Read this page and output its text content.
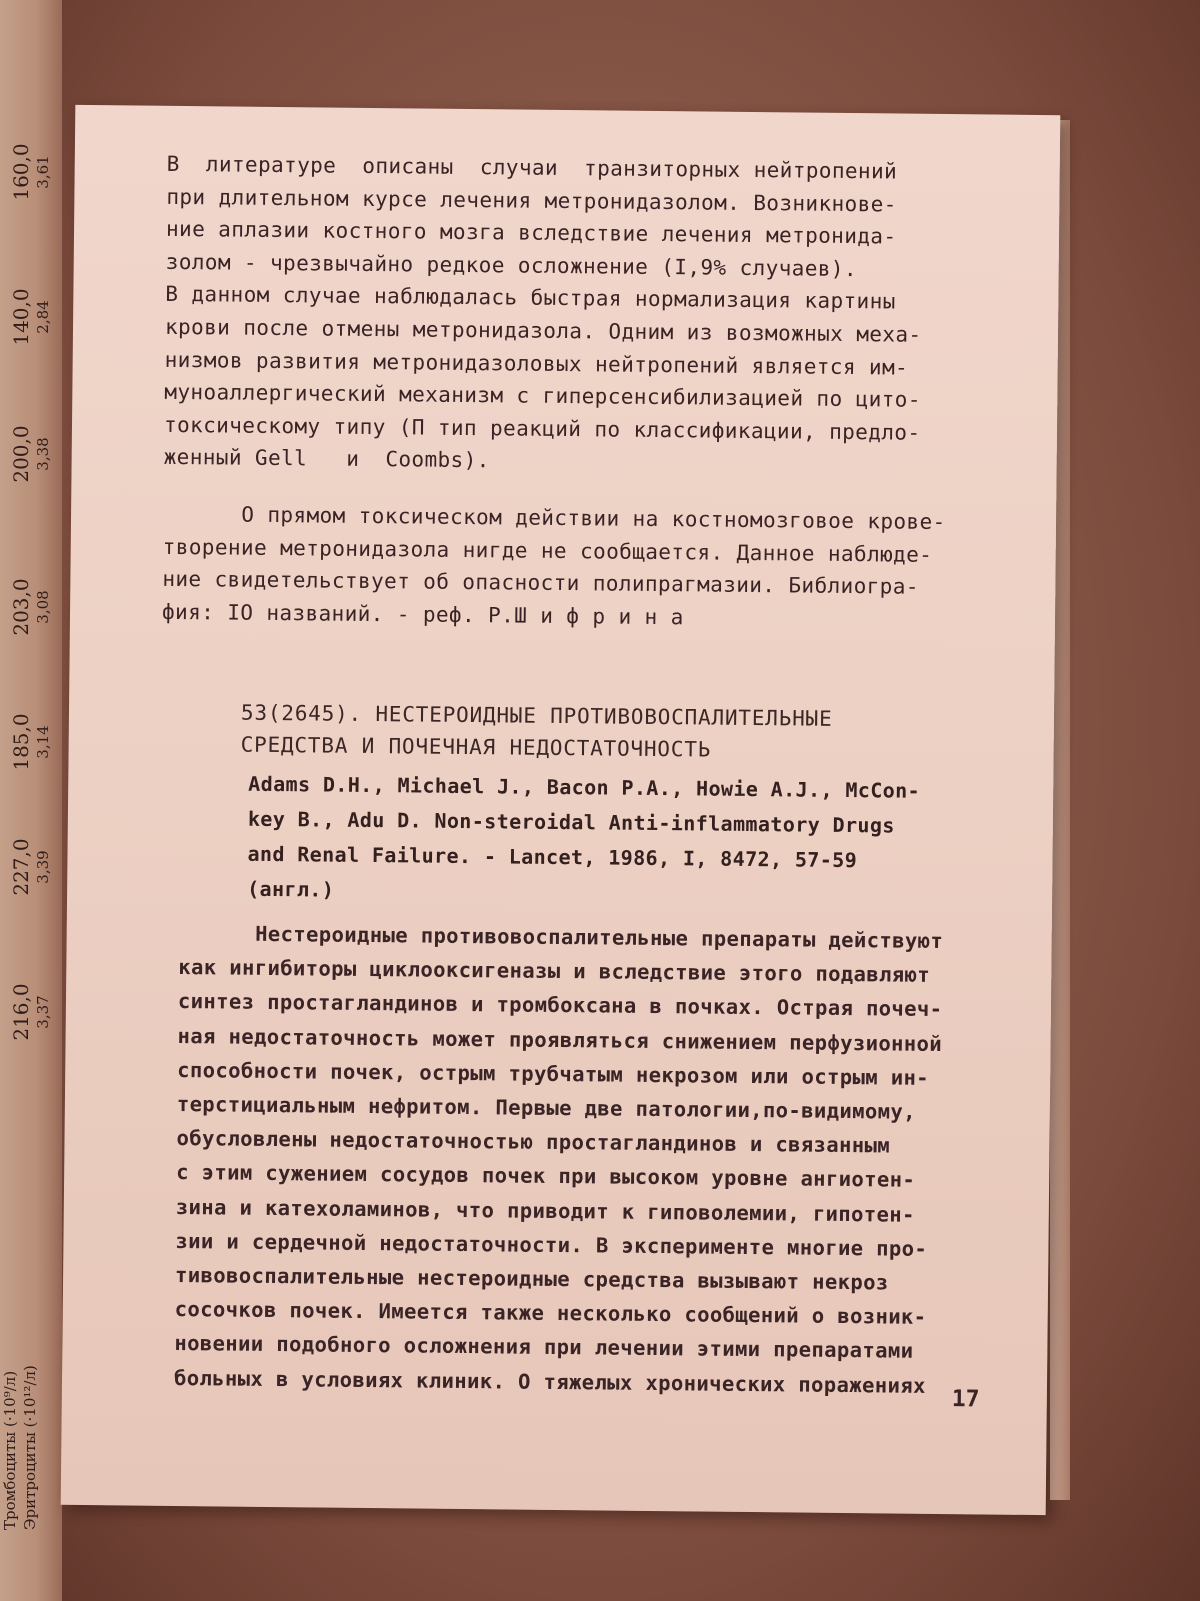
160,0 3,61
140,0 2,84
200,0 3,38
203,0 3,08
185,0 3,14
227,0 3,39
216,0 3,37
Тромбоциты (·10⁹/л) Эритроциты (·10¹²/л)

В  литературе  описаны  случаи  транзиторных нейтропений
при длительном курсе лечения метронидазолом. Возникнове-
ние аплазии костного мозга вследствие лечения метронида-
золом - чрезвычайно редкое осложнение (I,9% случаев).
В данном случае наблюдалась быстрая нормализация картины
крови после отмены метронидазола. Одним из возможных меха-
низмов развития метронидазоловых нейтропений является им-
муноаллергический механизм с гиперсенсибилизацией по цито-
токсическому типу (П тип реакций по классификации, предло-
женный Gell   и  Coombs).

О прямом токсическом действии на костномозговое крове-
творение метронидазола нигде не сообщается. Данное наблюде-
ние свидетельствует об опасности полипрагмазии. Библиогра-
фия: IO названий. - реф. Р.Ш и ф р и н а

53(2645). НЕСТЕРОИДНЫЕ ПРОТИВОВОСПАЛИТЕЛЬНЫЕ
СРЕДСТВА И ПОЧЕЧНАЯ НЕДОСТАТОЧНОСТЬ

Adams D.H., Michael J., Bacon P.A., Howie A.J., McCon-
key B., Adu D. Non-steroidal Anti-inflammatory Drugs
and Renal Failure. - Lancet, 1986, I, 8472, 57-59
(англ.)

Нестероидные противовоспалительные препараты действуют
как ингибиторы циклооксигеназы и вследствие этого подавляют
синтез простагландинов и тромбоксана в почках. Острая почеч-
ная недостаточность может проявляться снижением перфузионной
способности почек, острым трубчатым некрозом или острым ин-
терстициальным нефритом. Первые две патологии,по-видимому,
обусловлены недостаточностью простагландинов и связанным
с этим сужением сосудов почек при высоком уровне ангиотен-
зина и катехоламинов, что приводит к гиповолемии, гипотен-
зии и сердечной недостаточности. В эксперименте многие про-
тивовоспалительные нестероидные средства вызывают некроз
сосочков почек. Имеется также несколько сообщений о возник-
новении подобного осложнения при лечении этими препаратами
больных в условиях клиник. О тяжелых хронических поражениях

17
